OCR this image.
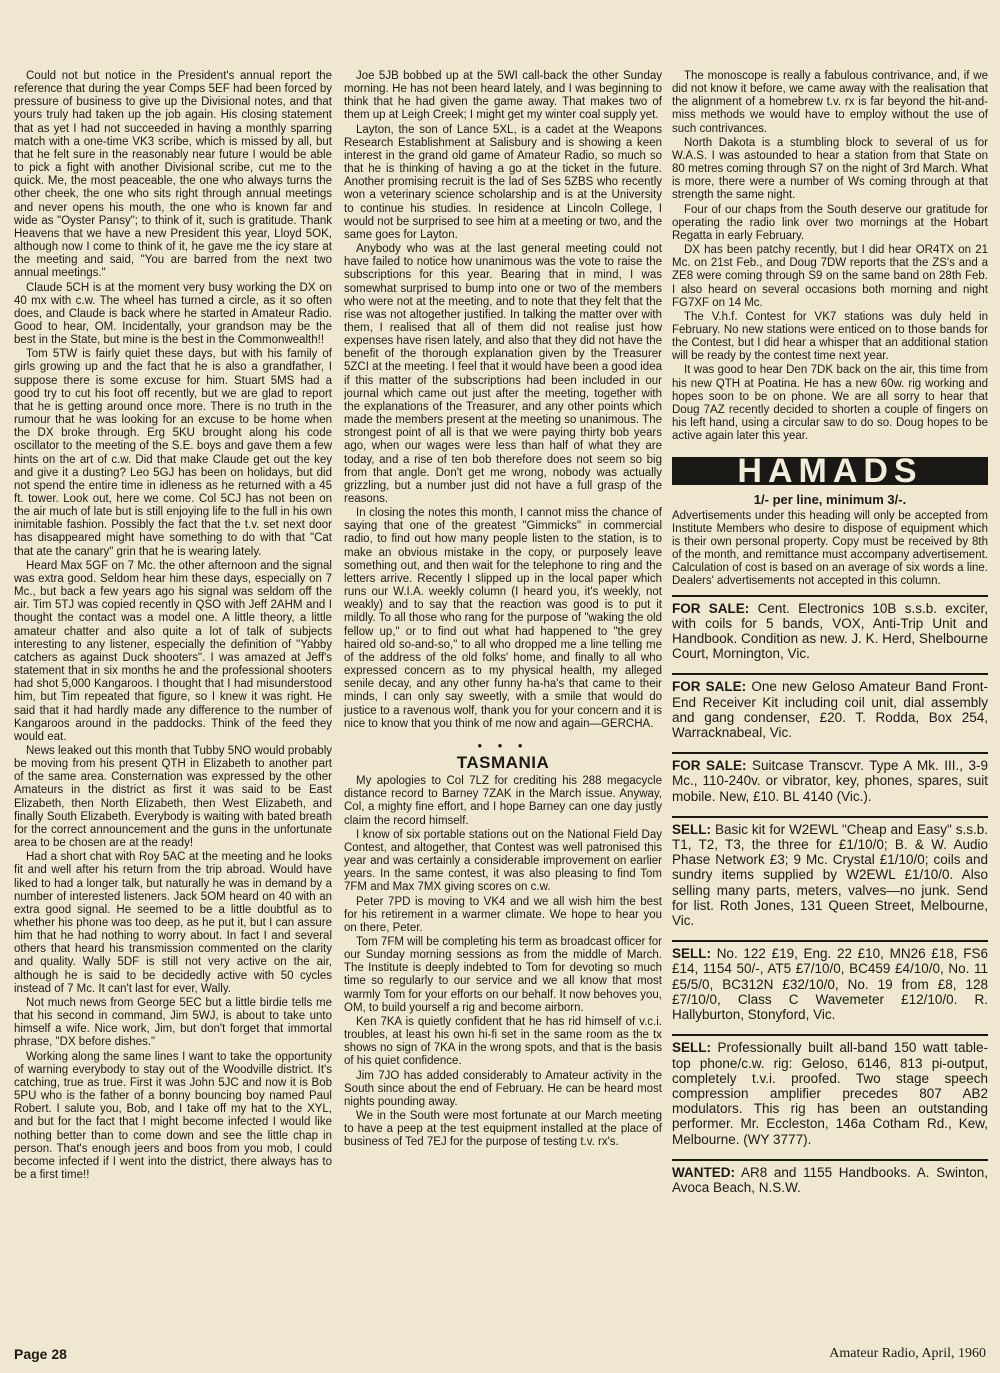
Could not but notice in the President's annual report the reference that during the year Comps 5EF had been forced by pressure of business to give up the Divisional notes, and that yours truly had taken up the job again. His closing statement that as yet I had not succeeded in having a monthly sparring match with a one-time VK3 scribe, which is missed by all, but that he felt sure in the reasonably near future I would be able to pick a fight with another Divisional scribe, cut me to the quick. Me, the most peaceable, the one who always turns the other cheek, the one who sits right through annual meetings and never opens his mouth, the one who is known far and wide as "Oyster Pansy"; to think of it, such is gratitude. Thank Heavens that we have a new President this year, Lloyd 5OK, although now I come to think of it, he gave me the icy stare at the meeting and said, "You are barred from the next two annual meetings."

Claude 5CH is at the moment very busy working the DX on 40 mx with c.w. The wheel has turned a circle, as it so often does, and Claude is back where he started in Amateur Radio. Good to hear, OM. Incidentally, your grandson may be the best in the State, but mine is the best in the Commonwealth!!

Tom 5TW is fairly quiet these days, but with his family of girls growing up and the fact that he is also a grandfather, I suppose there is some excuse for him. Stuart 5MS had a good try to cut his foot off recently, but we are glad to report that he is getting around once more. There is no truth in the rumour that he was looking for an excuse to be home when the DX broke through. Erg 5KU brought along his code oscillator to the meeting of the S.E. boys and gave them a few hints on the art of c.w. Did that make Claude get out the key and give it a dusting? Leo 5GJ has been on holidays, but did not spend the entire time in idleness as he returned with a 45 ft. tower. Look out, here we come. Col 5CJ has not been on the air much of late but is still enjoying life to the full in his own inimitable fashion. Possibly the fact that the t.v. set next door has disappeared might have something to do with that "Cat that ate the canary" grin that he is wearing lately.

Heard Max 5GF on 7 Mc. the other afternoon and the signal was extra good. Seldom hear him these days, especially on 7 Mc., but back a few years ago his signal was seldom off the air. Tim 5TJ was copied recently in QSO with Jeff 2AHM and I thought the contact was a model one. A little theory, a little amateur chatter and also quite a lot of talk of subjects interesting to any listener, especially the definition of "Yabby catchers as against Duck shooters". I was amazed at Jeff's statement that in six months he and the professional shooters had shot 5,000 Kangaroos. I thought that I had misunderstood him, but Tim repeated that figure, so I knew it was right. He said that it had hardly made any difference to the number of Kangaroos around in the paddocks. Think of the feed they would eat.

News leaked out this month that Tubby 5NO would probably be moving from his present QTH in Elizabeth to another part of the same area. Consternation was expressed by the other Amateurs in the district as first it was said to be East Elizabeth, then North Elizabeth, then West Elizabeth, and finally South Elizabeth. Everybody is waiting with bated breath for the correct announcement and the guns in the unfortunate area to be chosen are at the ready!

Had a short chat with Roy 5AC at the meeting and he looks fit and well after his return from the trip abroad. Would have liked to had a longer talk, but naturally he was in demand by a number of interested listeners. Jack 5OM heard on 40 with an extra good signal. He seemed to be a little doubtful as to whether his phone was too deep, as he put it, but I can assure him that he had nothing to worry about. In fact I and several others that heard his transmission commented on the clarity and quality. Wally 5DF is still not very active on the air, although he is said to be decidedly active with 50 cycles instead of 7 Mc. It can't last for ever, Wally.

Not much news from George 5EC but a little birdie tells me that his second in command, Jim 5WJ, is about to take unto himself a wife. Nice work, Jim, but don't forget that immortal phrase, "DX before dishes."

Working along the same lines I want to take the opportunity of warning everybody to stay out of the Woodville district. It's catching, true as true. First it was John 5JC and now it is Bob 5PU who is the father of a bonny bouncing boy named Paul Robert. I salute you, Bob, and I take off my hat to the XYL, and but for the fact that I might become infected I would like nothing better than to come down and see the little chap in person. That's enough jeers and boos from you mob, I could become infected if I went into the district, there always has to be a first time!!

Joe 5JB bobbed up at the 5WI call-back the other Sunday morning. He has not been heard lately, and I was beginning to think that he had given the game away. That makes two of them up at Leigh Creek; I might get my winter coal supply yet.

Layton, the son of Lance 5XL, is a cadet at the Weapons Research Establishment at Salisbury and is showing a keen interest in the grand old game of Amateur Radio, so much so that he is thinking of having a go at the ticket in the future. Another promising recruit is the lad of Ses 5ZBS who recently won a veterinary science scholarship and is at the University to continue his studies. In residence at Lincoln College, I would not be surprised to see him at a meeting or two, and the same goes for Layton.

Anybody who was at the last general meeting could not have failed to notice how unanimous was the vote to raise the subscriptions for this year. Bearing that in mind, I was somewhat surprised to bump into one or two of the members who were not at the meeting, and to note that they felt that the rise was not altogether justified. In talking the matter over with them, I realised that all of them did not realise just how expenses have risen lately, and also that they did not have the benefit of the thorough explanation given by the Treasurer 5ZCI at the meeting. I feel that it would have been a good idea if this matter of the subscriptions had been included in our journal which came out just after the meeting, together with the explanations of the Treasurer, and any other points which made the members present at the meeting so unanimous. The strongest point of all is that we were paying thirty bob years ago, when our wages were less than half of what they are today, and a rise of ten bob therefore does not seem so big from that angle. Don't get me wrong, nobody was actually grizzling, but a number just did not have a full grasp of the reasons.

In closing the notes this month, I cannot miss the chance of saying that one of the greatest "Gimmicks" in commercial radio, to find out how many people listen to the station, is to make an obvious mistake in the copy, or purposely leave something out, and then wait for the telephone to ring and the letters arrive. Recently I slipped up in the local paper which runs our W.I.A. weekly column (I heard you, it's weekly, not weakly) and to say that the reaction was good is to put it mildly. To all those who rang for the purpose of "waking the old fellow up," or to find out what had happened to "the grey haired old so-and-so," to all who dropped me a line telling me of the address of the old folks' home, and finally to all who expressed concern as to my physical health, my alleged senile decay, and any other funny ha-ha's that came to their minds, I can only say sweetly, with a smile that would do justice to a ravenous wolf, thank you for your concern and it is nice to know that you think of me now and again—GERCHA.

• • •
TASMANIA

My apologies to Col 7LZ for crediting his 288 megacycle distance record to Barney 7ZAK in the March issue. Anyway, Col, a mighty fine effort, and I hope Barney can one day justly claim the record himself.

I know of six portable stations out on the National Field Day Contest, and altogether, that Contest was well patronised this year and was certainly a considerable improvement on earlier years. In the same contest, it was also pleasing to find Tom 7FM and Max 7MX giving scores on c.w.

Peter 7PD is moving to VK4 and we all wish him the best for his retirement in a warmer climate. We hope to hear you on there, Peter.

Tom 7FM will be completing his term as broadcast officer for our Sunday morning sessions as from the middle of March. The Institute is deeply indebted to Tom for devoting so much time so regularly to our service and we all know that most warmly Tom for your efforts on our behalf. It now behoves you, OM, to build yourself a rig and become airborn.

Ken 7KA is quietly confident that he has rid himself of v.c.i. troubles, at least his own hi-fi set in the same room as the tx shows no sign of 7KA in the wrong spots, and that is the basis of his quiet confidence.

Jim 7JO has added considerably to Amateur activity in the South since about the end of February. He can be heard most nights pounding away.

We in the South were most fortunate at our March meeting to have a peep at the test equipment installed at the place of business of Ted 7EJ for the purpose of testing t.v. rx's.

The monoscope is really a fabulous contrivance, and, if we did not know it before, we came away with the realisation that the alignment of a homebrew t.v. rx is far beyond the hit-and-miss methods we would have to employ without the use of such contrivances.

North Dakota is a stumbling block to several of us for W.A.S. I was astounded to hear a station from that State on 80 metres coming through S7 on the night of 3rd March. What is more, there were a number of Ws coming through at that strength the same night.

Four of our chaps from the South deserve our gratitude for operating the radio link over two mornings at the Hobart Regatta in early February.

DX has been patchy recently, but I did hear OR4TX on 21 Mc. on 21st Feb., and Doug 7DW reports that the ZS's and a ZE8 were coming through S9 on the same band on 28th Feb. I also heard on several occasions both morning and night FG7XF on 14 Mc.

The V.h.f. Contest for VK7 stations was duly held in February. No new stations were enticed on to those bands for the Contest, but I did hear a whisper that an additional station will be ready by the contest time next year.

It was good to hear Den 7DK back on the air, this time from his new QTH at Poatina. He has a new 60w. rig working and hopes soon to be on phone. We are all sorry to hear that Doug 7AZ recently decided to shorten a couple of fingers on his left hand, using a circular saw to do so. Doug hopes to be active again later this year.

HAMADS
1/- per line, minimum 3/-.

Advertisements under this heading will only be accepted from Institute Members who desire to dispose of equipment which is their own personal property. Copy must be received by 8th of the month, and remittance must accompany advertisement. Calculation of cost is based on an average of six words a line. Dealers' advertisements not accepted in this column.

FOR SALE: Cent. Electronics 10B s.s.b. exciter, with coils for 5 bands, VOX, Anti-Trip Unit and Handbook. Condition as new. J. K. Herd, Shelbourne Court, Mornington, Vic.
FOR SALE: One new Geloso Amateur Band Front-End Receiver Kit including coil unit, dial assembly and gang condenser, £20. T. Rodda, Box 254, Warracknabeal, Vic.
FOR SALE: Suitcase Transcvr. Type A Mk. III., 3-9 Mc., 110-240v. or vibrator, key, phones, spares, suit mobile. New, £10. BL 4140 (Vic.).
SELL: Basic kit for W2EWL "Cheap and Easy" s.s.b. T1, T2, T3, the three for £1/10/0; B. & W. Audio Phase Network £3; 9 Mc. Crystal £1/10/0; coils and sundry items supplied by W2EWL £1/10/0. Also selling many parts, meters, valves—no junk. Send for list. Roth Jones, 131 Queen Street, Melbourne, Vic.
SELL: No. 122 £19, Eng. 22 £10, MN26 £18, FS6 £14, 1154 50/-, AT5 £7/10/0, BC459 £4/10/0, No. 11 £5/5/0, BC312N £32/10/0, No. 19 from £8, 128 £7/10/0, Class C Wavemeter £12/10/0. R. Hallyburton, Stonyford, Vic.
SELL: Professionally built all-band 150 watt table-top phone/c.w. rig: Geloso, 6146, 813 pi-output, completely t.v.i. proofed. Two stage speech compression amplifier precedes 807 AB2 modulators. This rig has been an outstanding performer. Mr. Eccleston, 146a Cotham Rd., Kew, Melbourne. (WY 3777).
WANTED: AR8 and 1155 Handbooks. A. Swinton, Avoca Beach, N.S.W.
Page 28	Amateur Radio, April, 1960
